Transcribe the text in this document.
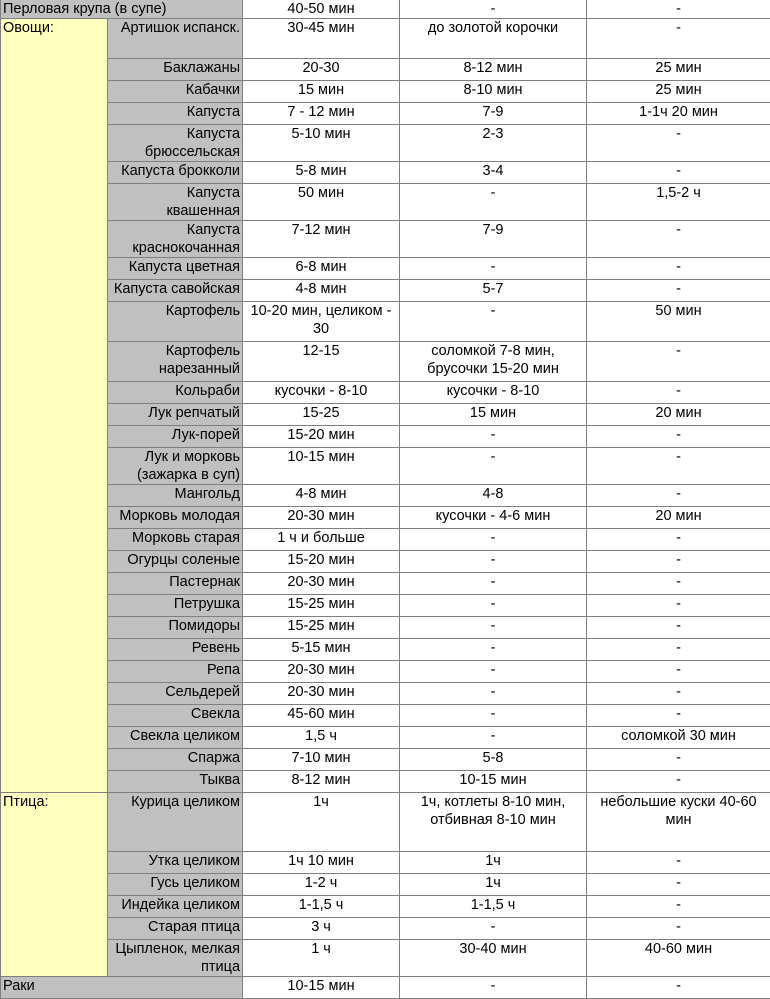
Перловая крупа (в супе)		40-50 мин	-	-
Овощи:	Артишок испанск.	30-45 мин	до золотой корочки	-
	Баклажаны	20-30	8-12 мин	25 мин
	Кабачки	15 мин	8-10 мин	25 мин
	Капуста	7 - 12 мин	7-9	1-1ч 20 мин
	Капуста брюссельская	5-10 мин	2-3	-
	Капуста брокколи	5-8 мин	3-4	-
	Капуста квашенная	50 мин	-	1,5-2 ч
	Капуста краснокочанная	7-12 мин	7-9	-
	Капуста цветная	6-8 мин	-	-
	Капуста савойская	4-8 мин	5-7	-
	Картофель	10-20 мин, целиком - 30	-	50 мин
	Картофель нарезанный	12-15	соломкой 7-8 мин, брусочки 15-20 мин	-
	Кольраби	кусочки - 8-10	кусочки - 8-10	-
	Лук репчатый	15-25	15 мин	20 мин
	Лук-порей	15-20 мин	-	-
	Лук и морковь (зажарка в суп)	10-15 мин	-	-
	Мангольд	4-8 мин	4-8	-
	Морковь молодая	20-30 мин	кусочки - 4-6 мин	20 мин
	Морковь старая	1 ч и больше	-	-
	Огурцы соленые	15-20 мин	-	-
	Пастернак	20-30 мин	-	-
	Петрушка	15-25 мин	-	-
	Помидоры	15-25 мин	-	-
	Ревень	5-15 мин	-	-
	Репа	20-30 мин	-	-
	Сельдерей	20-30 мин	-	-
	Свекла	45-60 мин	-	-
	Свекла целиком	1,5 ч	-	соломкой 30 мин
	Спаржа	7-10 мин	5-8	-
	Тыква	8-12 мин	10-15 мин	-
Птица:	Курица целиком	1ч	1ч, котлеты 8-10 мин, отбивная 8-10 мин	небольшие куски 40-60 мин
	Утка целиком	1ч 10 мин	1ч	-
	Гусь целиком	1-2 ч	1ч	-
	Индейка целиком	1-1,5 ч	1-1,5 ч	-
	Старая птица	3 ч	-	-
	Цыпленок, мелкая птица	1 ч	30-40 мин	40-60 мин
Раки		10-15 мин	-	-
